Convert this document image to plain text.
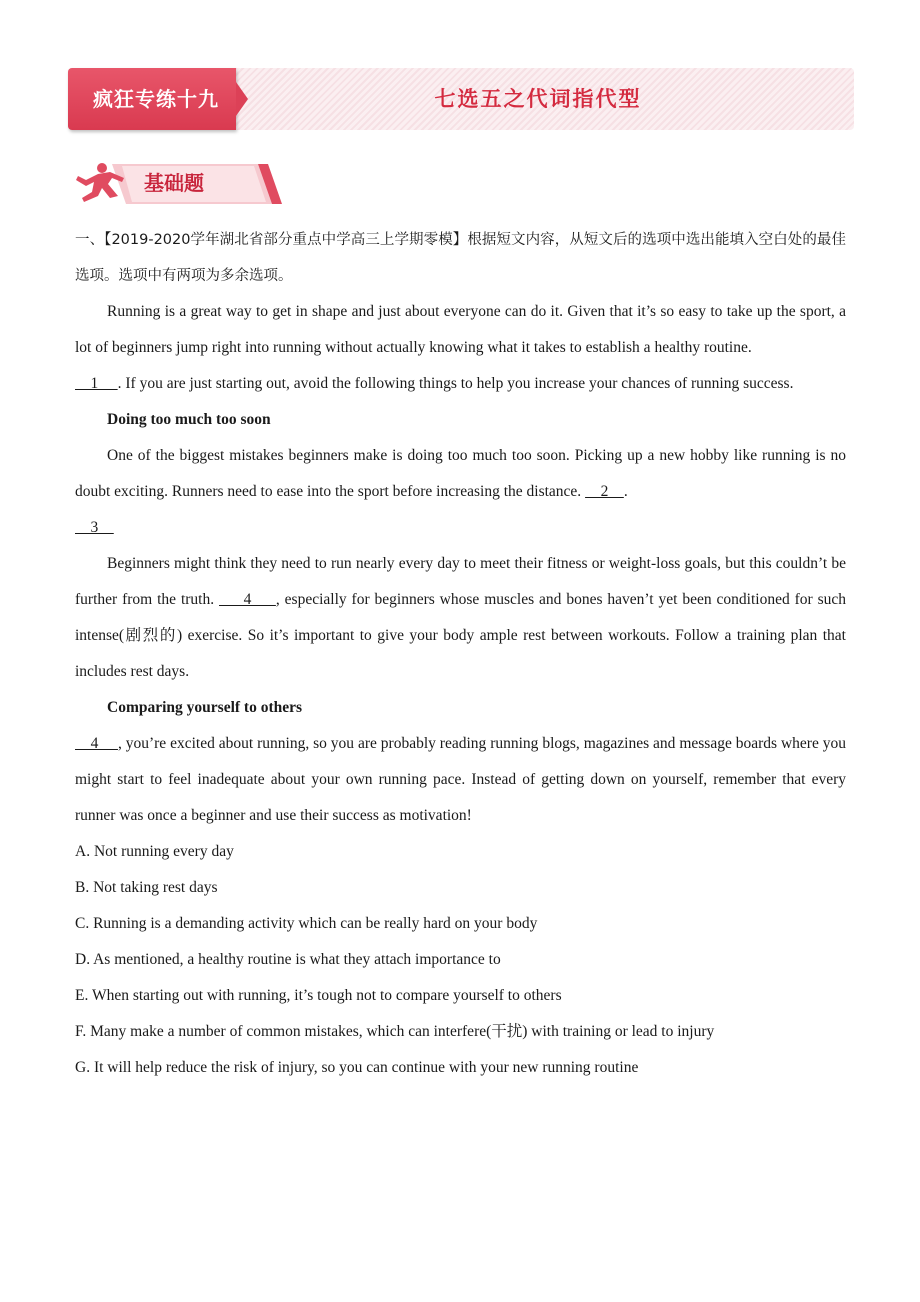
疯狂专练十九	七选五之代词指代型
基础题

一、【2019-2020学年湖北省部分重点中学高三上学期零模】根据短文内容，从短文后的选项中选出能填入空白处的最佳选项。选项中有两项为多余选项。

Running is a great way to get in shape and just about everyone can do it. Given that it’s so easy to take up the sport, a lot of beginners jump right into running without actually knowing what it takes to establish a healthy routine.

1     . If you are just starting out, avoid the following things to help you increase your chances of running success.

Doing too much too soon

One of the biggest mistakes beginners make is doing too much too soon. Picking up a new hobby like running is no doubt exciting. Runners need to ease into the sport before increasing the distance.     2    .

3

Beginners might think they need to run nearly every day to meet their fitness or weight-loss goals, but this couldn’t be further from the truth.      4     , especially for beginners whose muscles and bones haven’t yet been conditioned for such intense(剧烈的) exercise. So it’s important to give your body ample rest between workouts. Follow a training plan that includes rest days.

Comparing yourself to others

4     , you’re excited about running, so you are probably reading running blogs, magazines and message boards where you might start to feel inadequate about your own running pace. Instead of getting down on yourself, remember that every runner was once a beginner and use their success as motivation!

A. Not running every day

B. Not taking rest days

C. Running is a demanding activity which can be really hard on your body

D. As mentioned, a healthy routine is what they attach importance to

E. When starting out with running, it’s tough not to compare yourself to others

F. Many make a number of common mistakes, which can interfere(干扰) with training or lead to injury

G. It will help reduce the risk of injury, so you can continue with your new running routine
